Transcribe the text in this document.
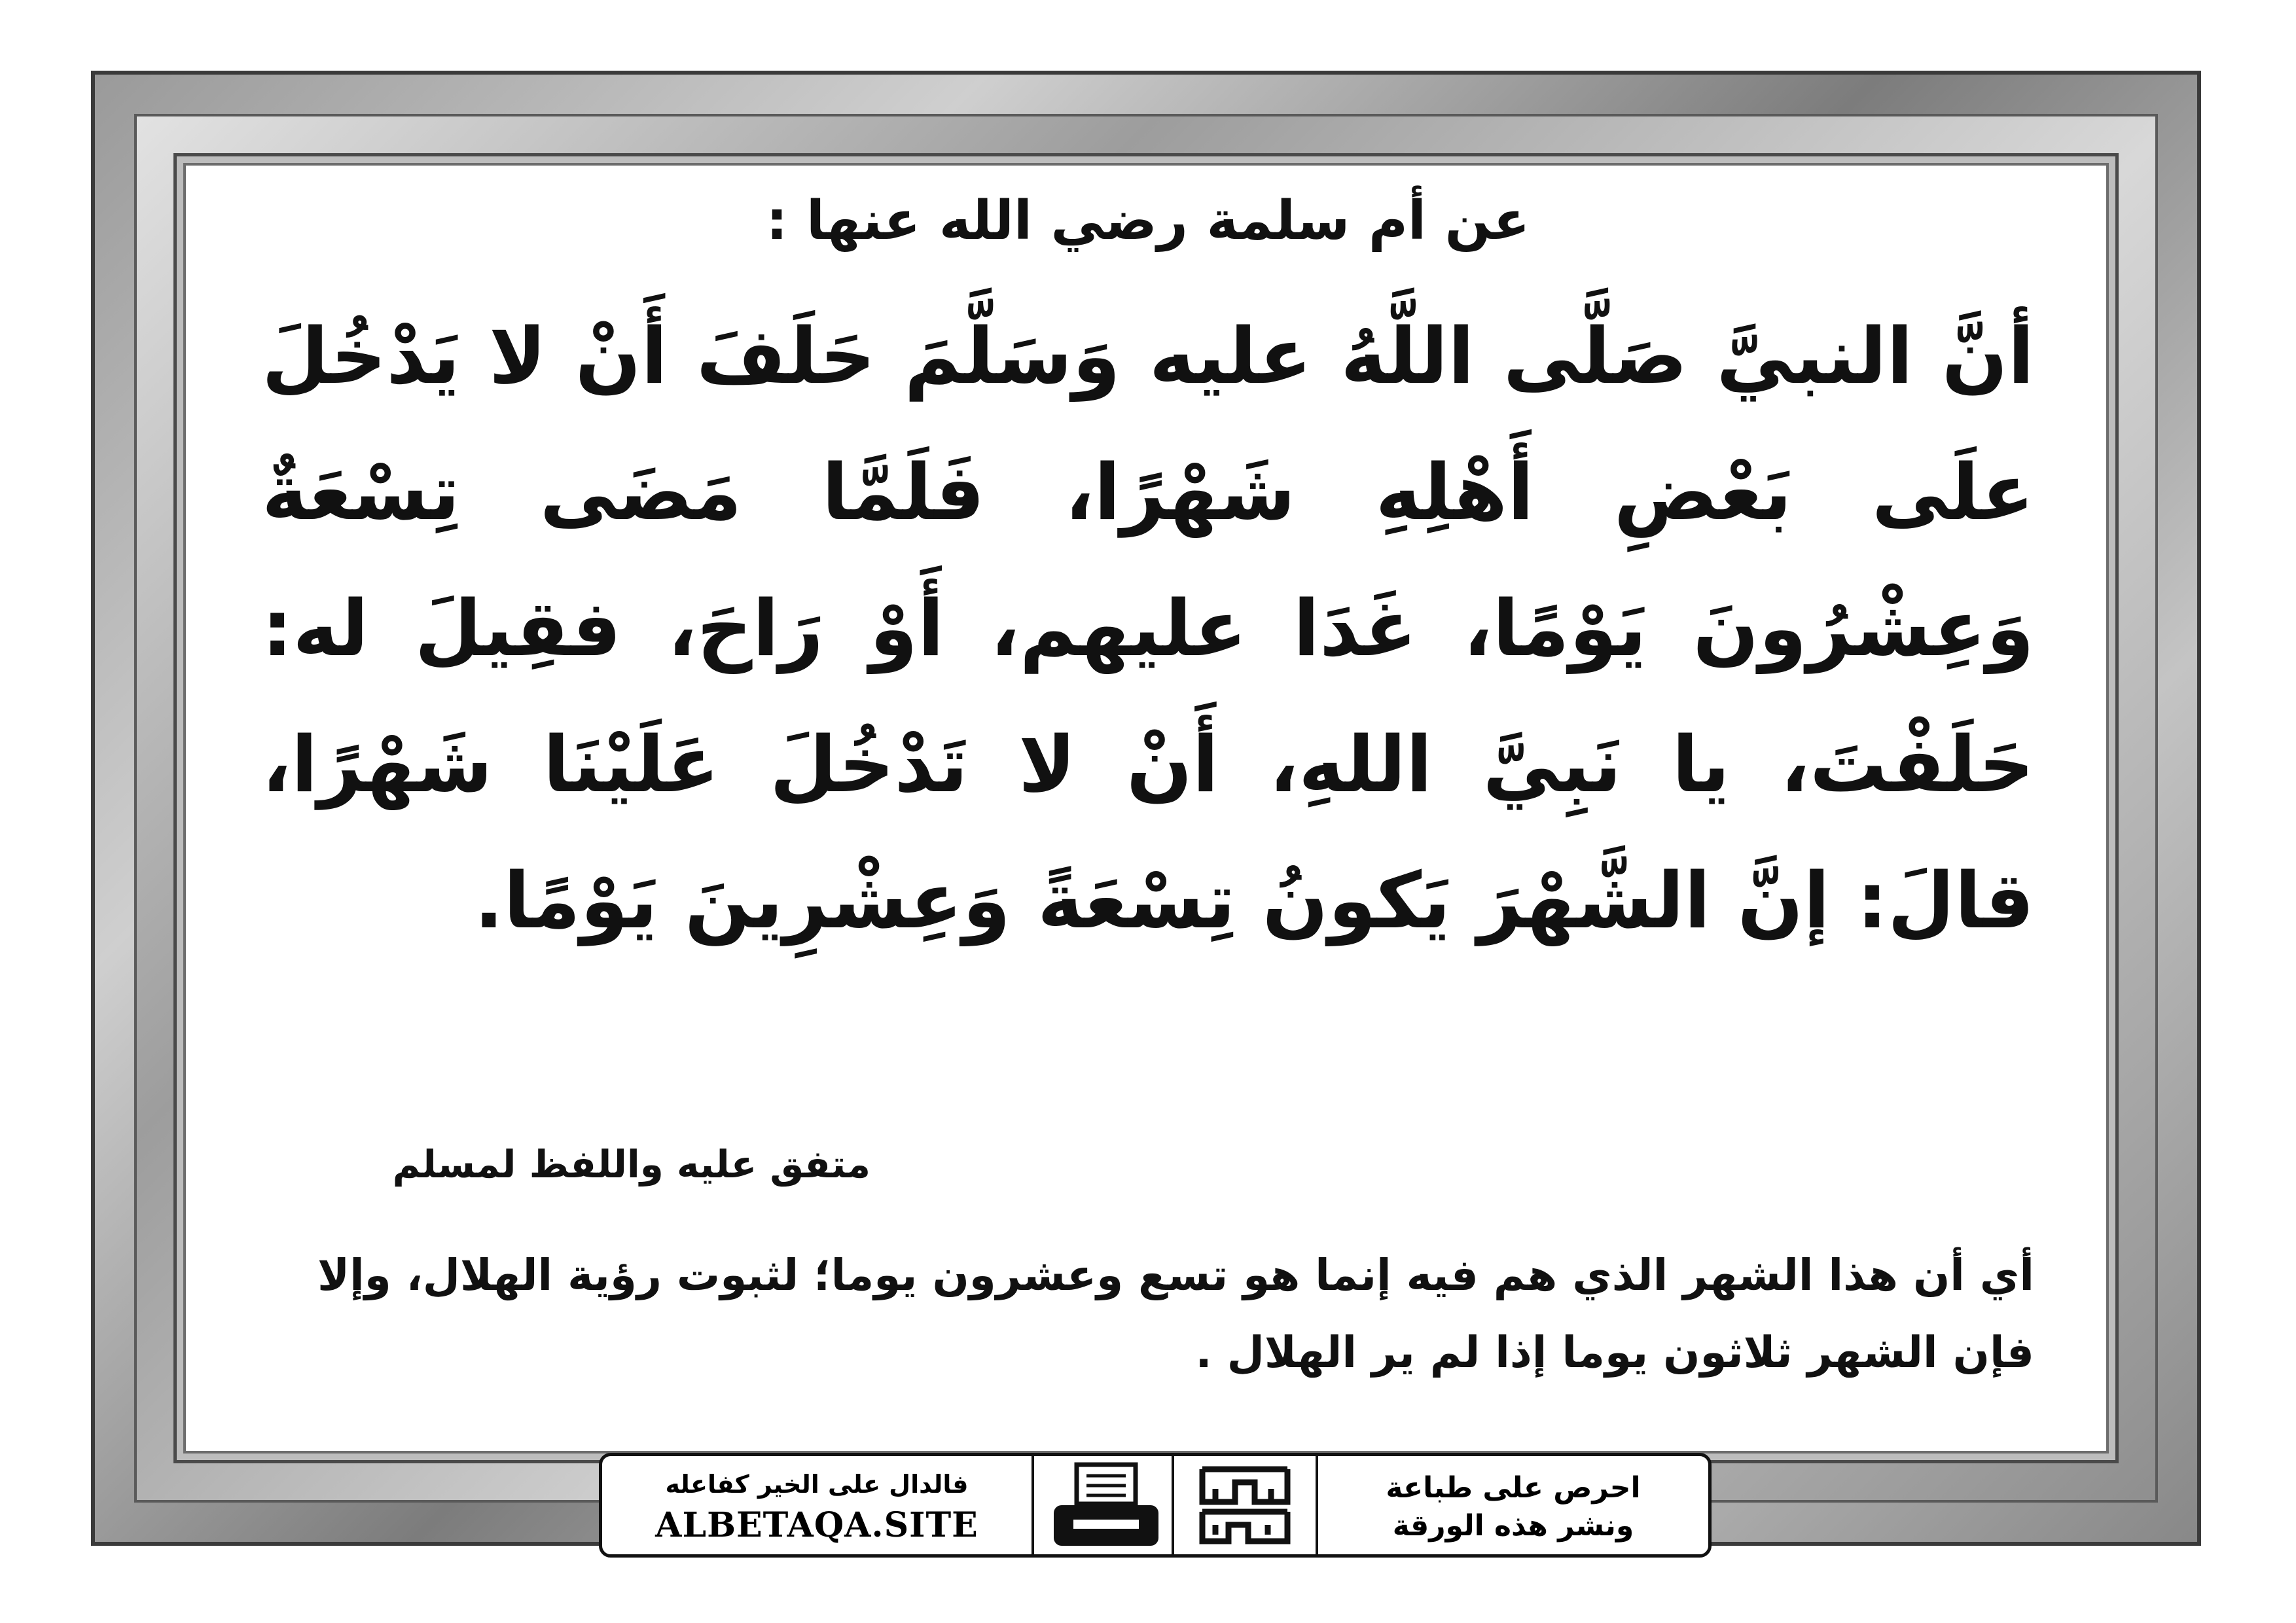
عن أم سلمة رضي الله عنها :
أنَّ النبيَّ صَلَّى اللَّهُ عليه وَسَلَّمَ حَلَفَ أَنْ لا يَدْخُلَ علَى بَعْضِ أَهْلِهِ شَهْرًا، فَلَمَّا مَضَى تِسْعَةٌ وَعِشْرُونَ يَوْمًا، غَدَا عليهم، أَوْ رَاحَ، فقِيلَ له: حَلَفْتَ، يا نَبِيَّ اللهِ، أَنْ لا تَدْخُلَ عَلَيْنَا شَهْرًا، قالَ: إنَّ الشَّهْرَ يَكونُ تِسْعَةً وَعِشْرِينَ يَوْمًا.
متفق عليه واللفظ لمسلم
أي أن هذا الشهر الذي هم فيه إنما هو تسع وعشرون يوما؛ لثبوت رؤية الهلال، وإلا فإن الشهر ثلاثون يوما إذا لم ير الهلال .
احرص على طباعة
ونشر هذه الورقة
فالدال على الخير كفاعله
ALBETAQA.SITE
